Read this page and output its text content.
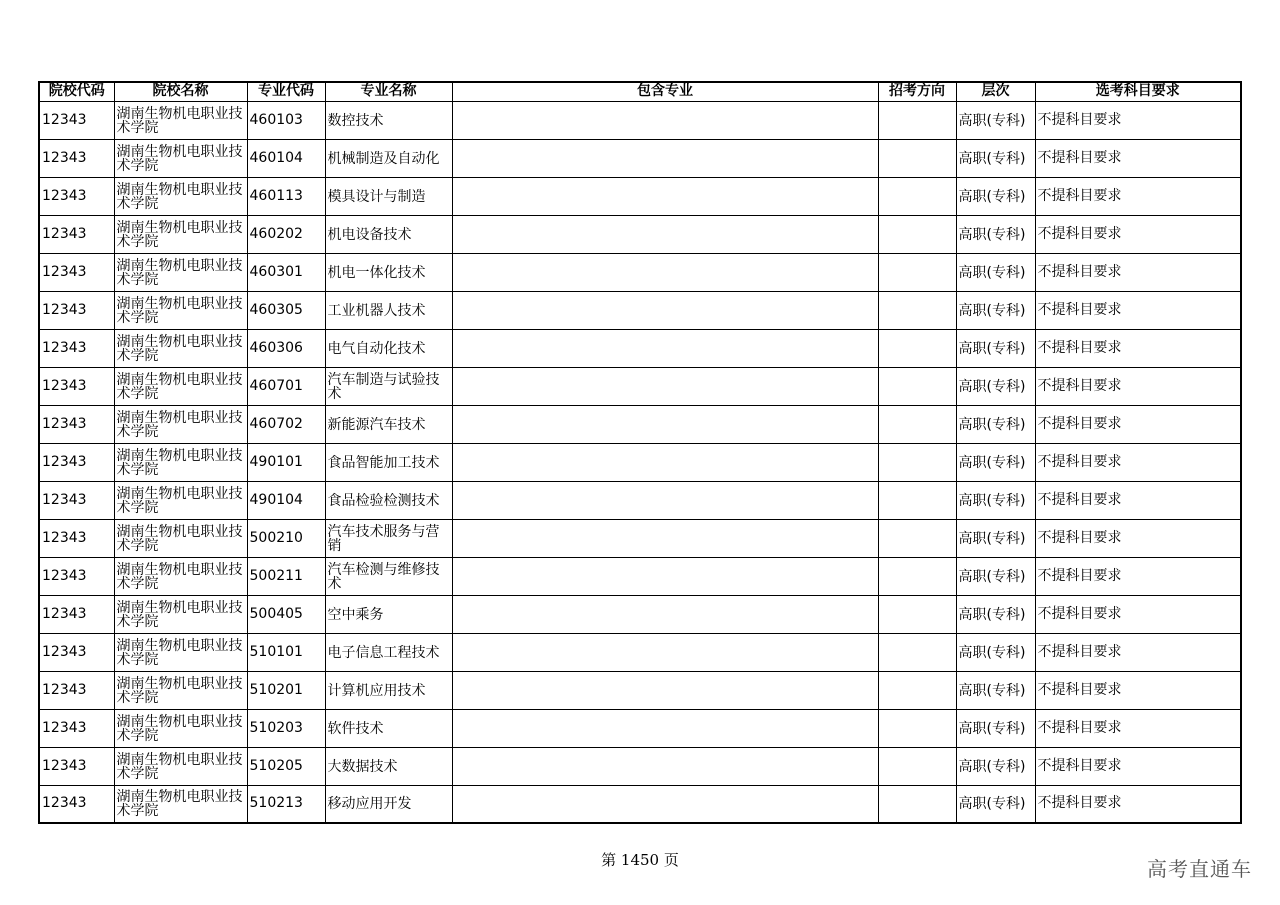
院校代码	院校名称	专业代码	专业名称	包含专业	招考方向	层次	选考科目要求
12343	湖南生物机电职业技术学院	460103	数控技术			高职(专科)	不提科目要求
12343	湖南生物机电职业技术学院	460104	机械制造及自动化			高职(专科)	不提科目要求
12343	湖南生物机电职业技术学院	460113	模具设计与制造			高职(专科)	不提科目要求
12343	湖南生物机电职业技术学院	460202	机电设备技术			高职(专科)	不提科目要求
12343	湖南生物机电职业技术学院	460301	机电一体化技术			高职(专科)	不提科目要求
12343	湖南生物机电职业技术学院	460305	工业机器人技术			高职(专科)	不提科目要求
12343	湖南生物机电职业技术学院	460306	电气自动化技术			高职(专科)	不提科目要求
12343	湖南生物机电职业技术学院	460701	汽车制造与试验技术			高职(专科)	不提科目要求
12343	湖南生物机电职业技术学院	460702	新能源汽车技术			高职(专科)	不提科目要求
12343	湖南生物机电职业技术学院	490101	食品智能加工技术			高职(专科)	不提科目要求
12343	湖南生物机电职业技术学院	490104	食品检验检测技术			高职(专科)	不提科目要求
12343	湖南生物机电职业技术学院	500210	汽车技术服务与营销			高职(专科)	不提科目要求
12343	湖南生物机电职业技术学院	500211	汽车检测与维修技术			高职(专科)	不提科目要求
12343	湖南生物机电职业技术学院	500405	空中乘务			高职(专科)	不提科目要求
12343	湖南生物机电职业技术学院	510101	电子信息工程技术			高职(专科)	不提科目要求
12343	湖南生物机电职业技术学院	510201	计算机应用技术			高职(专科)	不提科目要求
12343	湖南生物机电职业技术学院	510203	软件技术			高职(专科)	不提科目要求
12343	湖南生物机电职业技术学院	510205	大数据技术			高职(专科)	不提科目要求
12343	湖南生物机电职业技术学院	510213	移动应用开发			高职(专科)	不提科目要求
第 1450 页	高考直通车
